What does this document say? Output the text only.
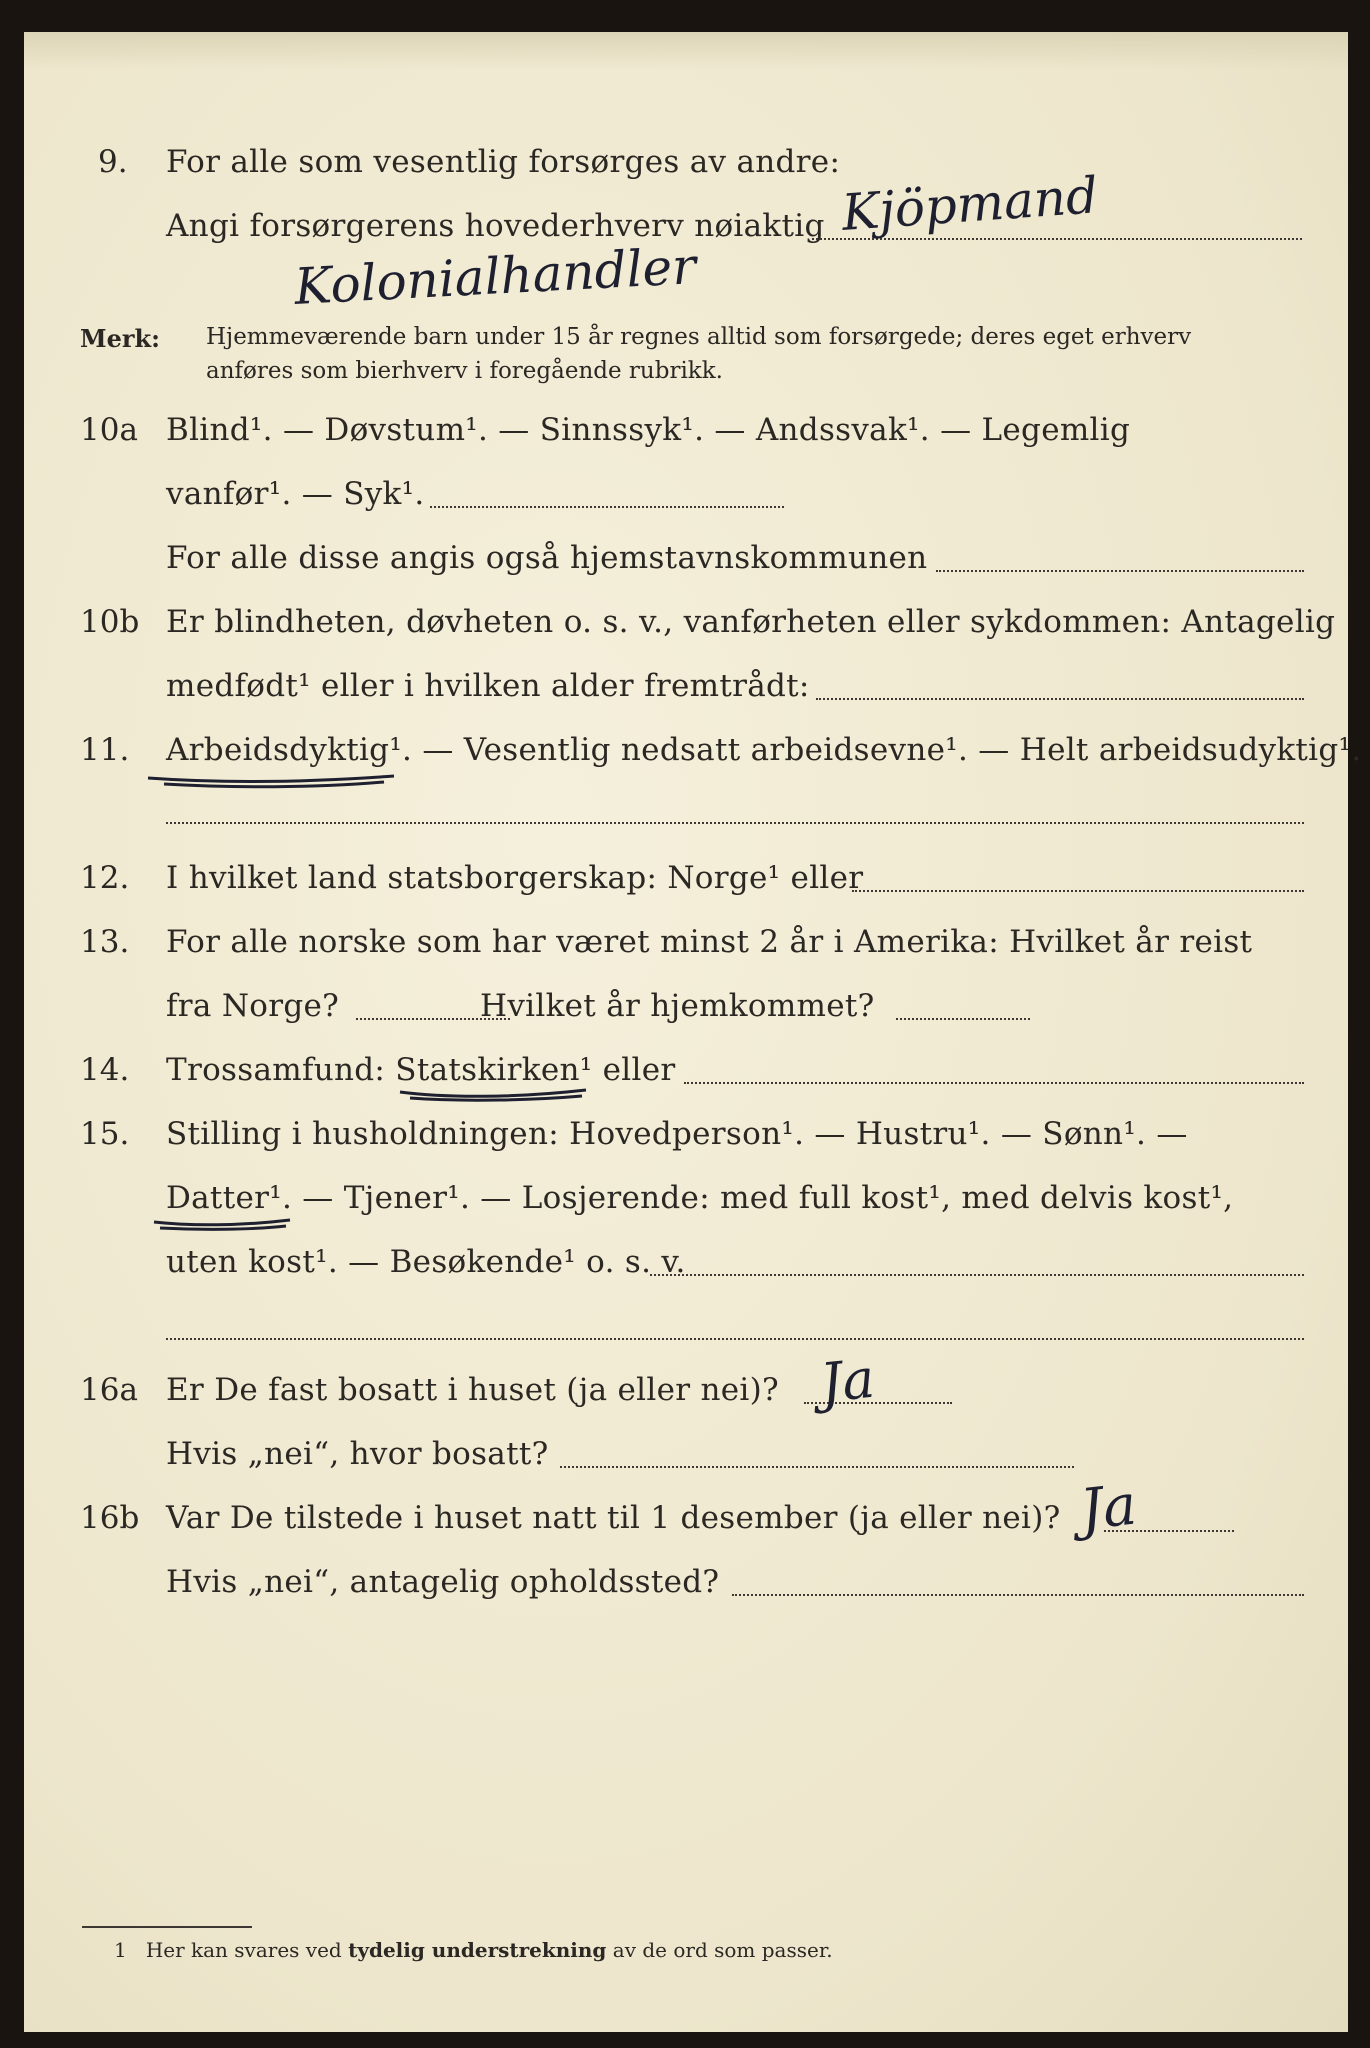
9. For alle som vesentlig forsørges av andre:
Angi forsørgerens hovederhverv nøiaktig Kjöpmand
Kolonialhandler
Merk: Hjemmeværende barn under 15 år regnes alltid som forsørgede; deres eget erhverv
anføres som bierhverv i foregående rubrikk.
10a Blind¹. — Døvstum¹. — Sinnssyk¹. — Andssvak¹. — Legemlig
vanfør¹. — Syk¹.
For alle disse angis også hjemstavnskommunen
10b Er blindheten, døvheten o. s. v., vanførheten eller sykdommen: Antagelig
medfødt¹ eller i hvilken alder fremtrådt:
11. Arbeidsdyktig¹. — Vesentlig nedsatt arbeidsevne¹. — Helt arbeidsudyktig¹.
12. I hvilket land statsborgerskap: Norge¹ eller
13. For alle norske som har været minst 2 år i Amerika: Hvilket år reist
fra Norge?	Hvilket år hjemkommet?
14. Trossamfund: Statskirken¹ eller
15. Stilling i husholdningen: Hovedperson¹. — Hustru¹. — Sønn¹. —
Datter¹. — Tjener¹. — Losjerende: med full kost¹, med delvis kost¹,
uten kost¹. — Besøkende¹ o. s. v.
16a Er De fast bosatt i huset (ja eller nei)? Ja
Hvis „nei“, hvor bosatt?
16b Var De tilstede i huset natt til 1 desember (ja eller nei)? Ja
Hvis „nei“, antagelig opholdssted?
1 Her kan svares ved tydelig understrekning av de ord som passer.
